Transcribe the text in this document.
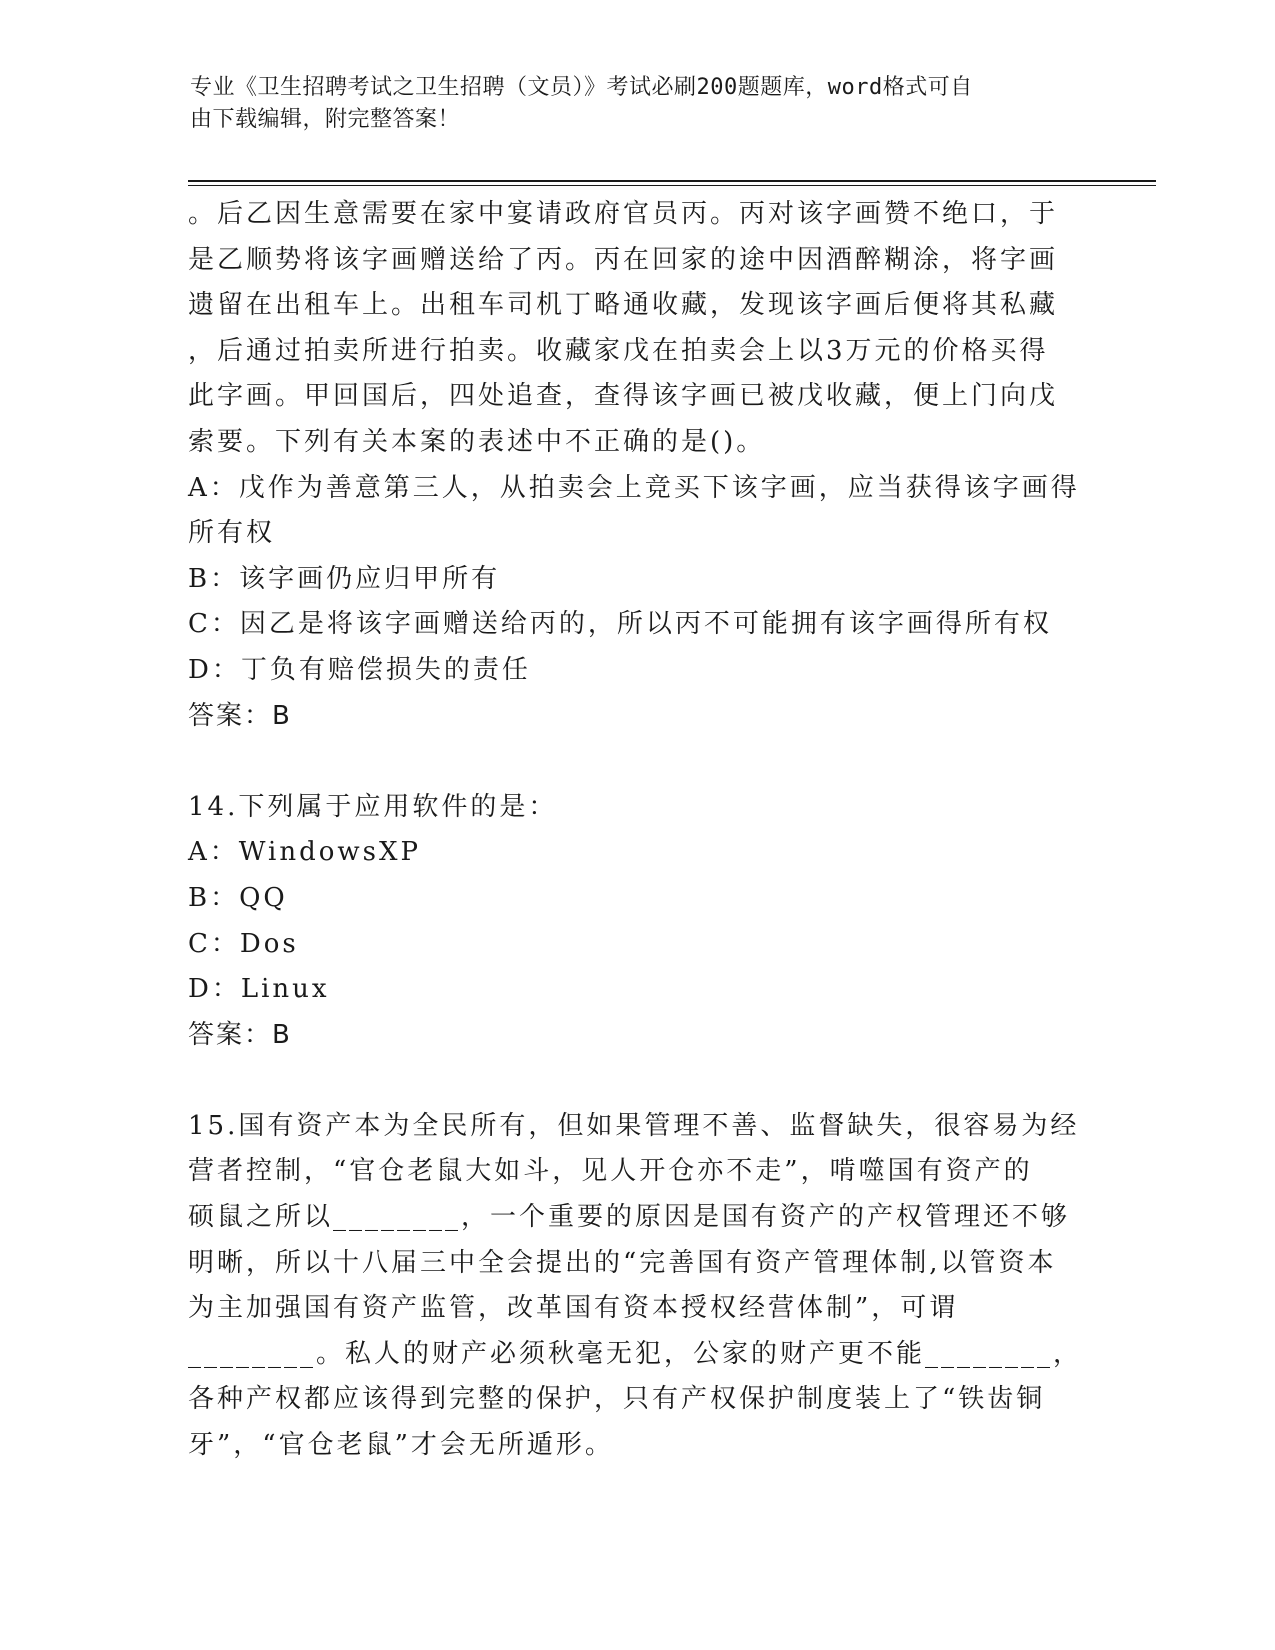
专业《卫生招聘考试之卫生招聘（文员）》考试必刷200题题库，word格式可自
由下载编辑，附完整答案！
。后乙因生意需要在家中宴请政府官员丙。丙对该字画赞不绝口，于
是乙顺势将该字画赠送给了丙。丙在回家的途中因酒醉糊涂，将字画
遗留在出租车上。出租车司机丁略通收藏，发现该字画后便将其私藏
，后通过拍卖所进行拍卖。收藏家戊在拍卖会上以3万元的价格买得
此字画。甲回国后，四处追查，查得该字画已被戊收藏，便上门向戊
索要。下列有关本案的表述中不正确的是()。
A：戊作为善意第三人，从拍卖会上竞买下该字画，应当获得该字画得
所有权
B：该字画仍应归甲所有
C：因乙是将该字画赠送给丙的，所以丙不可能拥有该字画得所有权
D：丁负有赔偿损失的责任
答案：B
14.下列属于应用软件的是：
A：WindowsXP
B：QQ
C：Dos
D：Linux
答案：B
15.国有资产本为全民所有，但如果管理不善、监督缺失，很容易为经
营者控制，“官仓老鼠大如斗，见人开仓亦不走”，啃噬国有资产的
硕鼠之所以________，一个重要的原因是国有资产的产权管理还不够
明晰，所以十八届三中全会提出的“完善国有资产管理体制,以管资本
为主加强国有资产监管，改革国有资本授权经营体制”，可谓
________。私人的财产必须秋毫无犯，公家的财产更不能________，
各种产权都应该得到完整的保护，只有产权保护制度装上了“铁齿铜
牙”，“官仓老鼠”才会无所遁形。
